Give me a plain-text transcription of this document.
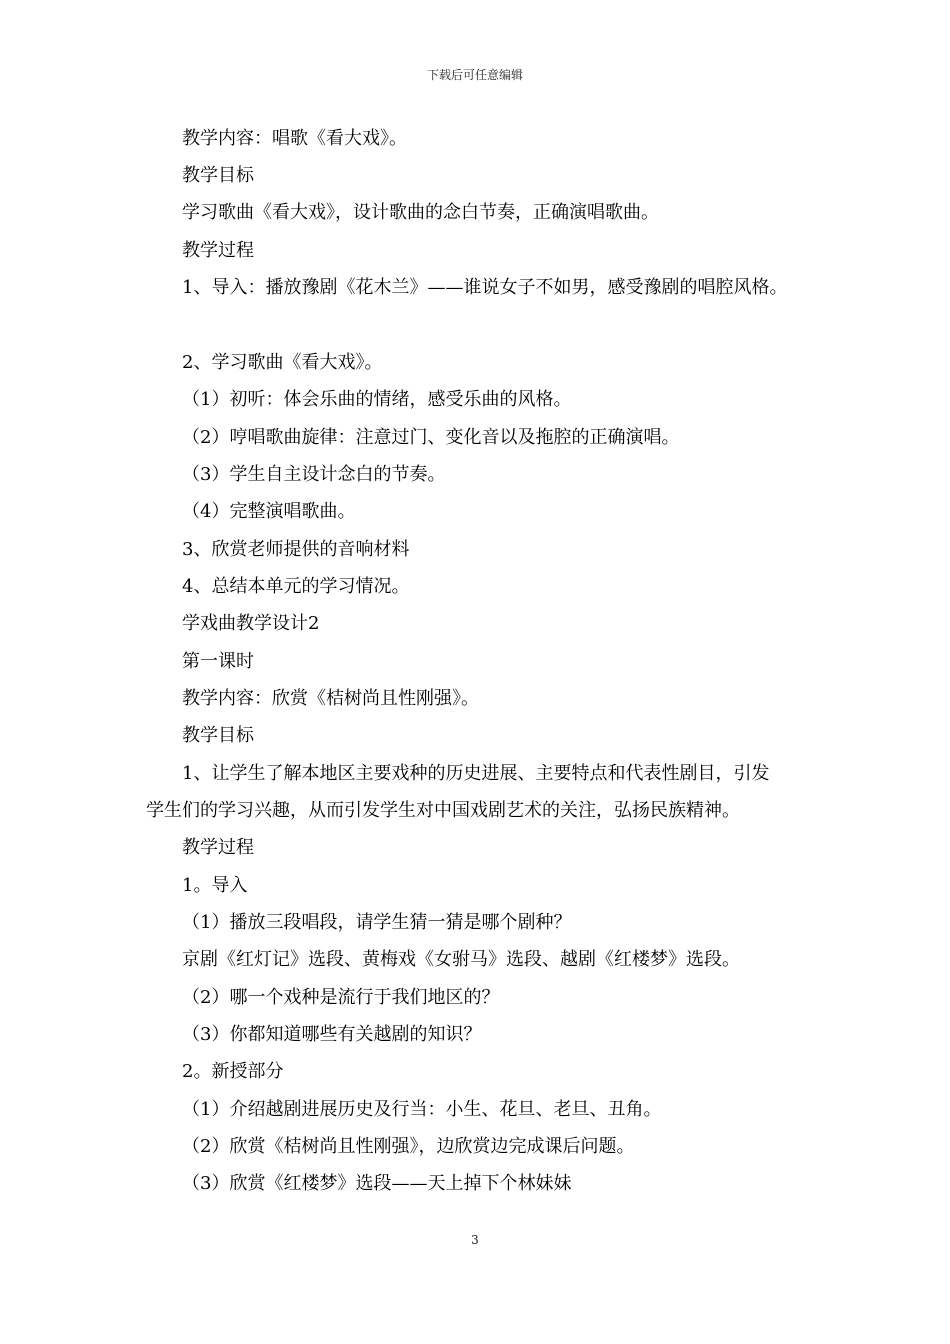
下载后可任意编辑
教学内容：唱歌《看大戏》。
教学目标
学习歌曲《看大戏》，设计歌曲的念白节奏，正确演唱歌曲。
教学过程
1、导入：播放豫剧《花木兰》——谁说女子不如男，感受豫剧的唱腔风格。
2、学习歌曲《看大戏》。
（1）初听：体会乐曲的情绪，感受乐曲的风格。
（2）哼唱歌曲旋律：注意过门、变化音以及拖腔的正确演唱。
（3）学生自主设计念白的节奏。
（4）完整演唱歌曲。
3、欣赏老师提供的音响材料
4、总结本单元的学习情况。
学戏曲教学设计2
第一课时
教学内容：欣赏《桔树尚且性刚强》。
教学目标
1、让学生了解本地区主要戏种的历史进展、主要特点和代表性剧目，引发
学生们的学习兴趣，从而引发学生对中国戏剧艺术的关注，弘扬民族精神。
教学过程
1。导入
（1）播放三段唱段，请学生猜一猜是哪个剧种？
京剧《红灯记》选段、黄梅戏《女驸马》选段、越剧《红楼梦》选段。
（2）哪一个戏种是流行于我们地区的？
（3）你都知道哪些有关越剧的知识？
2。新授部分
（1）介绍越剧进展历史及行当：小生、花旦、老旦、丑角。
（2）欣赏《桔树尚且性刚强》，边欣赏边完成课后问题。
（3）欣赏《红楼梦》选段——天上掉下个林妹妹
3
